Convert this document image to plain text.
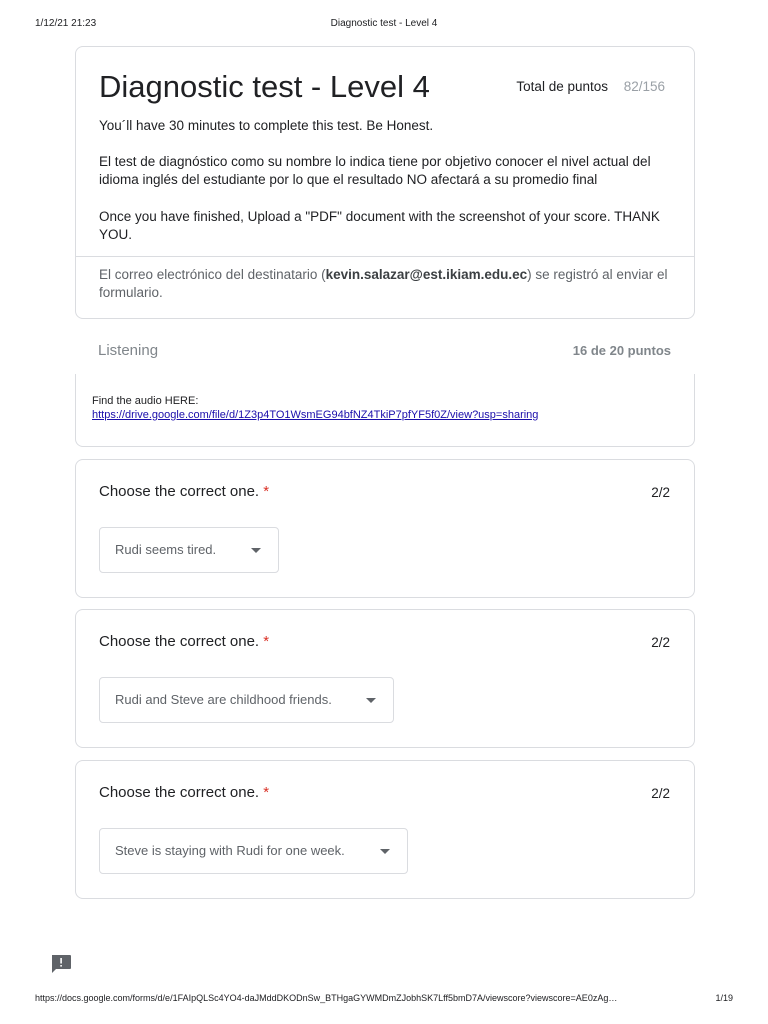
1/12/21 21:23	Diagnostic test - Level 4
Diagnostic test - Level 4	Total de puntos 82/156
You´ll have 30 minutes to complete this test. Be Honest.
El test de diagnóstico como su nombre lo indica tiene por objetivo conocer el nivel actual del idioma inglés del estudiante por lo que el resultado NO afectará a su promedio final
Once you have finished, Upload a "PDF" document with the screenshot of your score. THANK YOU.
El correo electrónico del destinatario (kevin.salazar@est.ikiam.edu.ec) se registró al enviar el formulario.
Listening	16 de 20 puntos
Find the audio HERE:
https://drive.google.com/file/d/1Z3p4TO1WsmEG94bfNZ4TkiP7pfYF5f0Z/view?usp=sharing
Choose the correct one. *	2/2
Rudi seems tired.
Choose the correct one. *	2/2
Rudi and Steve are childhood friends.
Choose the correct one. *	2/2
Steve is staying with Rudi for one week.
https://docs.google.com/forms/d/e/1FAIpQLSc4YO4-daJMddDKODnSw_BTHgaGYWMDmZJobhSK7Lff5bmD7A/viewscore?viewscore=AE0zAg…	1/19
